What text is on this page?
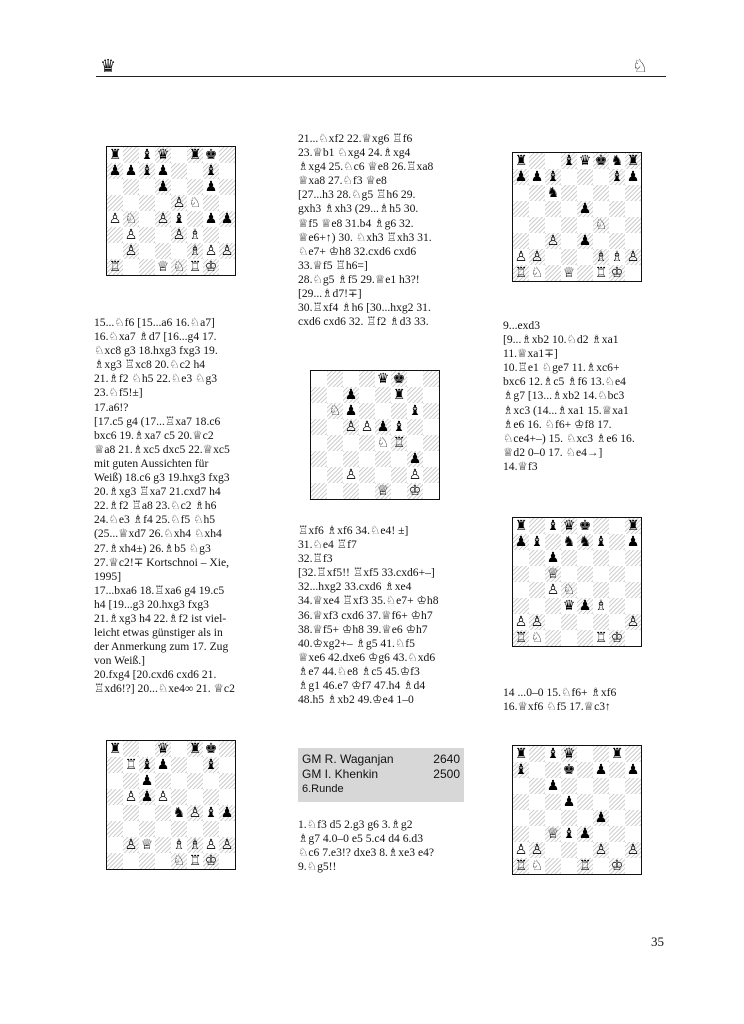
♛	♘
♜ ♝ ♛ ♜ ♚
♟ ♟ ♝ ♟	♝
♟	♟
♙ ♘
♙ ♘ ♙ ♝ ♟ ♟
♙	♙ ♗
♙	♗ ♙ ♙
♖	♕ ♘ ♖ ♔
♜	♝ ♛ ♚ ♞ ♜
♟ ♟ ♝	♝ ♟
♞
♟
♘
♙ ♟
♙ ♙	♗ ♗ ♙
♖ ♘ ♕ ♖ ♔
♛ ♚
♟	♜
♘ ♟	♝
♙ ♙ ♟ ♝
♘ ♖
♟
♙	♙
♕ ♔
♜ ♝ ♛ ♚	♜
♟ ♝ ♞ ♞ ♝ ♟
♟
♕
♙ ♘
♛ ♟ ♗
♙ ♙	♙
♖ ♘	♖ ♔
♜	♛ ♜ ♚
♖ ♝ ♟	♝
♟
♙ ♟ ♙
♞ ♙ ♝ ♟
♙ ♕ ♗ ♗ ♙ ♙
♘ ♖ ♔
♜ ♝ ♛	♜
♝	♚ ♟ ♟
♟
♟
♟
♕ ♝ ♟
♙ ♙	♙ ♙
♖ ♘	♖ ♔

15...♘f6 [15...a6 16.♘a7]

16.♘xa7 ♗d7 [16...g4 17.

♘xc8 g3 18.hxg3 fxg3 19.

♗xg3 ♖xc8 20.♘c2 h4

21.♗f2 ♘h5 22.♘e3 ♘g3

23.♘f5!±]

17.a6!?

[17.c5 g4 (17...♖xa7 18.c6

bxc6 19.♗xa7 c5 20.♕c2

♕a8 21.♗xc5 dxc5 22.♕xc5

mit guten Aussichten für

Weiß) 18.c6 g3 19.hxg3 fxg3

20.♗xg3 ♖xa7 21.cxd7 h4

22.♗f2 ♖a8 23.♘c2 ♗h6

24.♘e3 ♗f4 25.♘f5 ♘h5

(25...♕xd7 26.♘xh4 ♘xh4

27.♗xh4±) 26.♗b5 ♘g3

27.♕c2!∓ Kortschnoi – Xie,

1995]

17...bxa6 18.♖xa6 g4 19.c5

h4 [19...g3 20.hxg3 fxg3

21.♗xg3 h4 22.♗f2 ist viel-

leicht etwas günstiger als in

der Anmerkung zum 17. Zug

von Weiß.]

20.fxg4 [20.cxd6 cxd6 21.

♖xd6!?] 20...♘xe4∞ 21. ♕c2

21...♘xf2 22.♕xg6 ♖f6

23.♕b1 ♘xg4 24.♗xg4

♗xg4 25.♘c6 ♕e8 26.♖xa8

♕xa8 27.♘f3 ♕e8

[27...h3 28.♘g5 ♖h6 29.

gxh3 ♗xh3 (29...♗h5 30.

♕f5 ♕e8 31.b4 ♗g6 32.

♕e6+↑) 30. ♘xh3 ♖xh3 31.

♘e7+ ♔h8 32.cxd6 cxd6

33.♕f5 ♖h6=]

28.♘g5 ♗f5 29.♕e1 h3?!

[29...♗d7!∓]

30.♖xf4 ♗h6 [30...hxg2 31.

cxd6 cxd6 32. ♖f2 ♗d3 33.

♖xf6 ♗xf6 34.♘e4! ±]

31.♘e4 ♖f7

32.♖f3

[32.♖xf5!! ♖xf5 33.cxd6+–]

32...hxg2 33.cxd6 ♗xe4

34.♕xe4 ♖xf3 35.♘e7+ ♔h8

36.♕xf3 cxd6 37.♕f6+ ♔h7

38.♕f5+ ♔h8 39.♕e6 ♔h7

40.♔xg2+– ♗g5 41.♘f5

♕xe6 42.dxe6 ♔g6 43.♘xd6

♗e7 44.♘e8 ♗c5 45.♔f3

♗g1 46.e7 ♔f7 47.h4 ♗d4

48.h5 ♗xb2 49.♔e4 1–0

1.♘f3 d5 2.g3 g6 3.♗g2

♗g7 4.0–0 e5 5.c4 d4 6.d3

♘c6 7.e3!? dxe3 8.♗xe3 e4?

9.♘g5!!

9...exd3

[9...♗xb2 10.♘d2 ♗xa1

11.♕xa1∓]

10.♖e1 ♘ge7 11.♗xc6+

bxc6 12.♗c5 ♗f6 13.♘e4

♗g7 [13...♗xb2 14.♘bc3

♗xc3 (14...♗xa1 15.♕xa1

♗e6 16. ♘f6+ ♔f8 17.

♘ce4+–) 15. ♘xc3 ♗e6 16.

♕d2 0–0 17. ♘e4→]

14.♕f3

14 ...0–0 15.♘f6+ ♗xf6

16.♕xf6 ♘f5 17.♕c3↑

GM R. Waganjan	2640
GM I. Khenkin	2500
6.Runde
35
